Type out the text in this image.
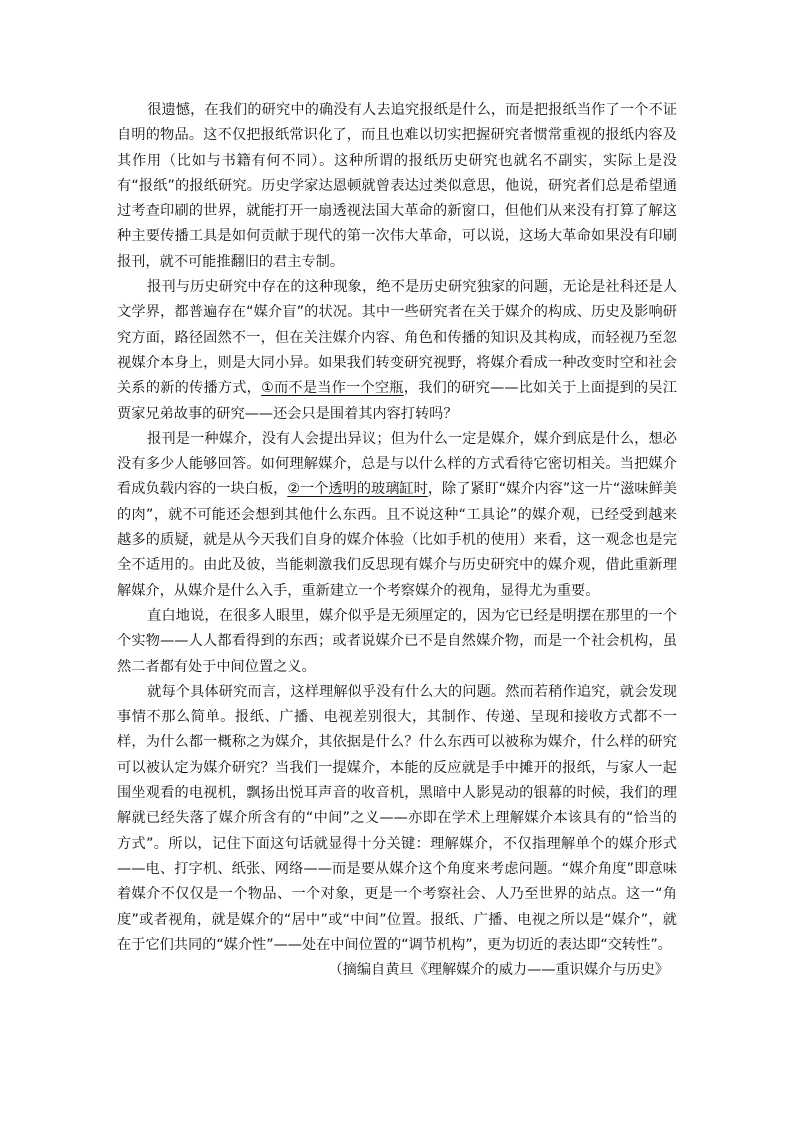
很遗憾，在我们的研究中的确没有人去追究报纸是什么，而是把报纸当作了一个不证自明的物品。这不仅把报纸常识化了，而且也难以切实把握研究者惯常重视的报纸内容及其作用（比如与书籍有何不同）。这种所谓的报纸历史研究也就名不副实，实际上是没有“报纸”的报纸研究。历史学家达恩顿就曾表达过类似意思，他说，研究者们总是希望通过考查印刷的世界，就能打开一扇透视法国大革命的新窗口，但他们从来没有打算了解这种主要传播工具是如何贡献于现代的第一次伟大革命，可以说，这场大革命如果没有印刷报刊，就不可能推翻旧的君主专制。

报刊与历史研究中存在的这种现象，绝不是历史研究独家的问题，无论是社科还是人文学界，都普遍存在“媒介盲”的状况。其中一些研究者在关于媒介的构成、历史及影响研究方面，路径固然不一，但在关注媒介内容、角色和传播的知识及其构成，而轻视乃至忽视媒介本身上，则是大同小异。如果我们转变研究视野，将媒介看成一种改变时空和社会关系的新的传播方式，①而不是当作一个空瓶，我们的研究——比如关于上面提到的吴江贾家兄弟故事的研究——还会只是围着其内容打转吗？

报刊是一种媒介，没有人会提出异议；但为什么一定是媒介，媒介到底是什么，想必没有多少人能够回答。如何理解媒介，总是与以什么样的方式看待它密切相关。当把媒介看成负载内容的一块白板，②一个透明的玻璃缸时，除了紧盯“媒介内容”这一片“滋味鲜美的肉”，就不可能还会想到其他什么东西。且不说这种“工具论”的媒介观，已经受到越来越多的质疑，就是从今天我们自身的媒介体验（比如手机的使用）来看，这一观念也是完全不适用的。由此及彼，当能刺激我们反思现有媒介与历史研究中的媒介观，借此重新理解媒介，从媒介是什么入手，重新建立一个考察媒介的视角，显得尤为重要。

直白地说，在很多人眼里，媒介似乎是无须厘定的，因为它已经是明摆在那里的一个个实物——人人都看得到的东西；或者说媒介已不是自然媒介物，而是一个社会机构，虽然二者都有处于中间位置之义。

就每个具体研究而言，这样理解似乎没有什么大的问题。然而若稍作追究，就会发现事情不那么简单。报纸、广播、电视差别很大，其制作、传递、呈现和接收方式都不一样，为什么都一概称之为媒介，其依据是什么？什么东西可以被称为媒介，什么样的研究可以被认定为媒介研究？当我们一提媒介，本能的反应就是手中摊开的报纸，与家人一起围坐观看的电视机，飘扬出悦耳声音的收音机，黑暗中人影晃动的银幕的时候，我们的理解就已经失落了媒介所含有的“中间”之义——亦即在学术上理解媒介本该具有的“恰当的方式”。所以，记住下面这句话就显得十分关键：理解媒介，不仅指理解单个的媒介形式——电、打字机、纸张、网络——而是要从媒介这个角度来考虑问题。“媒介角度”即意味着媒介不仅仅是一个物品、一个对象，更是一个考察社会、人乃至世界的站点。这一“角度”或者视角，就是媒介的“居中”或“中间”位置。报纸、广播、电视之所以是“媒介”，就在于它们共同的“媒介性”——处在中间位置的“调节机构”，更为切近的表达即“交转性”。

（摘编自黄旦《理解媒介的威力——重识媒介与历史》
